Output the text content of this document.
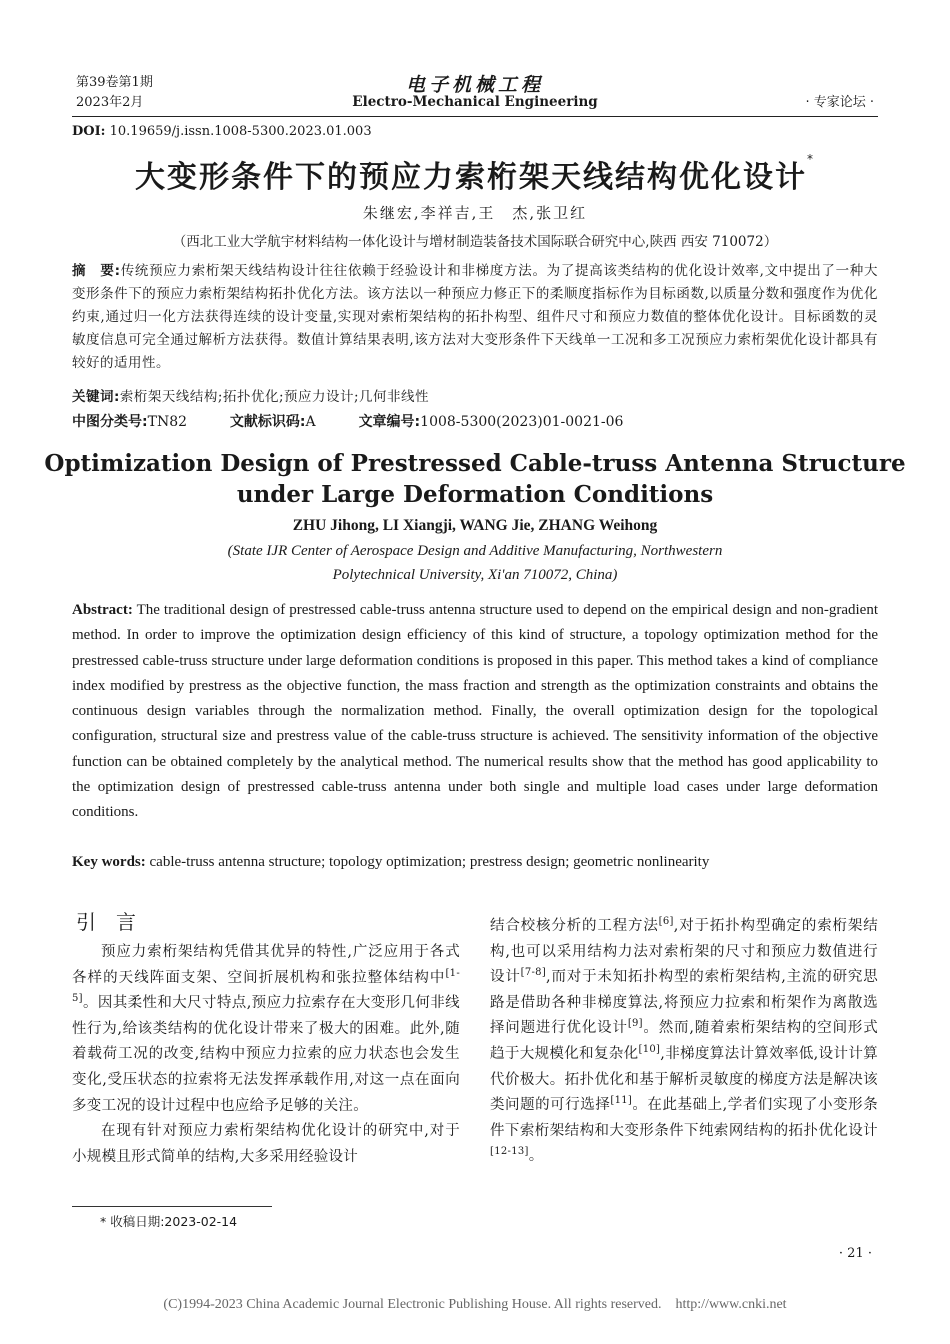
第39卷第1期
2023年2月
电子机械工程
Electro-Mechanical Engineering	· 专家论坛 ·
DOI: 10.19659/j.issn.1008-5300.2023.01.003
大变形条件下的预应力索桁架天线结构优化设计*
朱继宏,李祥吉,王　杰,张卫红
（西北工业大学航宇材料结构一体化设计与增材制造装备技术国际联合研究中心,陕西 西安 710072）
摘　要:传统预应力索桁架天线结构设计往往依赖于经验设计和非梯度方法。为了提高该类结构的优化设计效率,文中提出了一种大变形条件下的预应力索桁架结构拓扑优化方法。该方法以一种预应力修正下的柔顺度指标作为目标函数,以质量分数和强度作为优化约束,通过归一化方法获得连续的设计变量,实现对索桁架结构的拓扑构型、组件尺寸和预应力数值的整体优化设计。目标函数的灵敏度信息可完全通过解析方法获得。数值计算结果表明,该方法对大变形条件下天线单一工况和多工况预应力索桁架优化设计都具有较好的适用性。
关键词:索桁架天线结构;拓扑优化;预应力设计;几何非线性
中图分类号:TN82	文献标识码:A	文章编号:1008-5300(2023)01-0021-06
Optimization Design of Prestressed Cable-truss Antenna Structure
under Large Deformation Conditions
ZHU Jihong, LI Xiangji, WANG Jie, ZHANG Weihong
(State IJR Center of Aerospace Design and Additive Manufacturing, Northwestern
Polytechnical University, Xi'an 710072, China)
Abstract: The traditional design of prestressed cable-truss antenna structure used to depend on the empirical design and non-gradient method. In order to improve the optimization design efficiency of this kind of structure, a topology optimization method for the prestressed cable-truss structure under large deformation conditions is proposed in this paper. This method takes a kind of compliance index modified by prestress as the objective function, the mass fraction and strength as the optimization constraints and obtains the continuous design variables through the normalization method. Finally, the overall optimization design for the topological configuration, structural size and prestress value of the cable-truss structure is achieved. The sensitivity information of the objective function can be obtained completely by the analytical method. The numerical results show that the method has good applicability to the optimization design of prestressed cable-truss antenna under both single and multiple load cases under large deformation conditions.
Key words: cable-truss antenna structure; topology optimization; prestress design; geometric nonlinearity
引　言

预应力索桁架结构凭借其优异的特性,广泛应用于各式各样的天线阵面支架、空间折展机构和张拉整体结构中[1-5]。因其柔性和大尺寸特点,预应力拉索存在大变形几何非线性行为,给该类结构的优化设计带来了极大的困难。此外,随着载荷工况的改变,结构中预应力拉索的应力状态也会发生变化,受压状态的拉索将无法发挥承载作用,对这一点在面向多变工况的设计过程中也应给予足够的关注。

在现有针对预应力索桁架结构优化设计的研究中,对于小规模且形式简单的结构,大多采用经验设计

结合校核分析的工程方法[6],对于拓扑构型确定的索桁架结构,也可以采用结构力法对索桁架的尺寸和预应力数值进行设计[7-8],而对于未知拓扑构型的索桁架结构,主流的研究思路是借助各种非梯度算法,将预应力拉索和桁架作为离散选择问题进行优化设计[9]。然而,随着索桁架结构的空间形式趋于大规模化和复杂化[10],非梯度算法计算效率低,设计计算代价极大。拓扑优化和基于解析灵敏度的梯度方法是解决该类问题的可行选择[11]。在此基础上,学者们实现了小变形条件下索桁架结构和大变形条件下纯索网结构的拓扑优化设计[12-13]。

* 收稿日期:2023-02-14
· 21 ·
(C)1994-2023 China Academic Journal Electronic Publishing House. All rights reserved.    http://www.cnki.net
